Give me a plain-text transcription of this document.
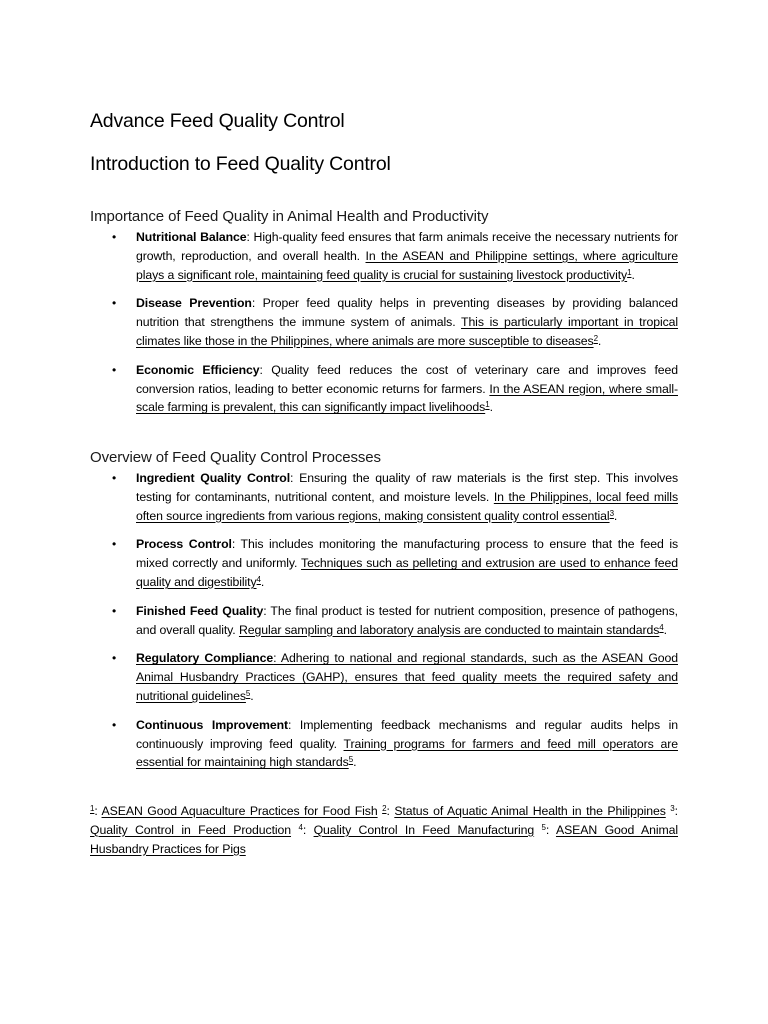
Advance Feed Quality Control
Introduction to Feed Quality Control
Importance of Feed Quality in Animal Health and Productivity
• Nutritional Balance: High-quality feed ensures that farm animals receive the necessary nutrients for growth, reproduction, and overall health. In the ASEAN and Philippine settings, where agriculture plays a significant role, maintaining feed quality is crucial for sustaining livestock productivity$^1$.
• Disease Prevention: Proper feed quality helps in preventing diseases by providing balanced nutrition that strengthens the immune system of animals. This is particularly important in tropical climates like those in the Philippines, where animals are more susceptible to diseases$^2$.
• Economic Efficiency: Quality feed reduces the cost of veterinary care and improves feed conversion ratios, leading to better economic returns for farmers. In the ASEAN region, where small-scale farming is prevalent, this can significantly impact livelihoods$^1$.
Overview of Feed Quality Control Processes
• Ingredient Quality Control: Ensuring the quality of raw materials is the first step. This involves testing for contaminants, nutritional content, and moisture levels. In the Philippines, local feed mills often source ingredients from various regions, making consistent quality control essential$^3$.
• Process Control: This includes monitoring the manufacturing process to ensure that the feed is mixed correctly and uniformly. Techniques such as pelleting and extrusion are used to enhance feed quality and digestibility$^4$.
• Finished Feed Quality: The final product is tested for nutrient composition, presence of pathogens, and overall quality. Regular sampling and laboratory analysis are conducted to maintain standards$^4$.
• Regulatory Compliance: Adhering to national and regional standards, such as the ASEAN Good Animal Husbandry Practices (GAHP), ensures that feed quality meets the required safety and nutritional guidelines$^5$.
• Continuous Improvement: Implementing feedback mechanisms and regular audits helps in continuously improving feed quality. Training programs for farmers and feed mill operators are essential for maintaining high standards$^5$.
$^1$: ASEAN Good Aquaculture Practices for Food Fish $^2$: Status of Aquatic Animal Health in the Philippines $^3$: Quality Control in Feed Production $^4$: Quality Control In Feed Manufacturing $^5$: ASEAN Good Animal Husbandry Practices for Pigs
